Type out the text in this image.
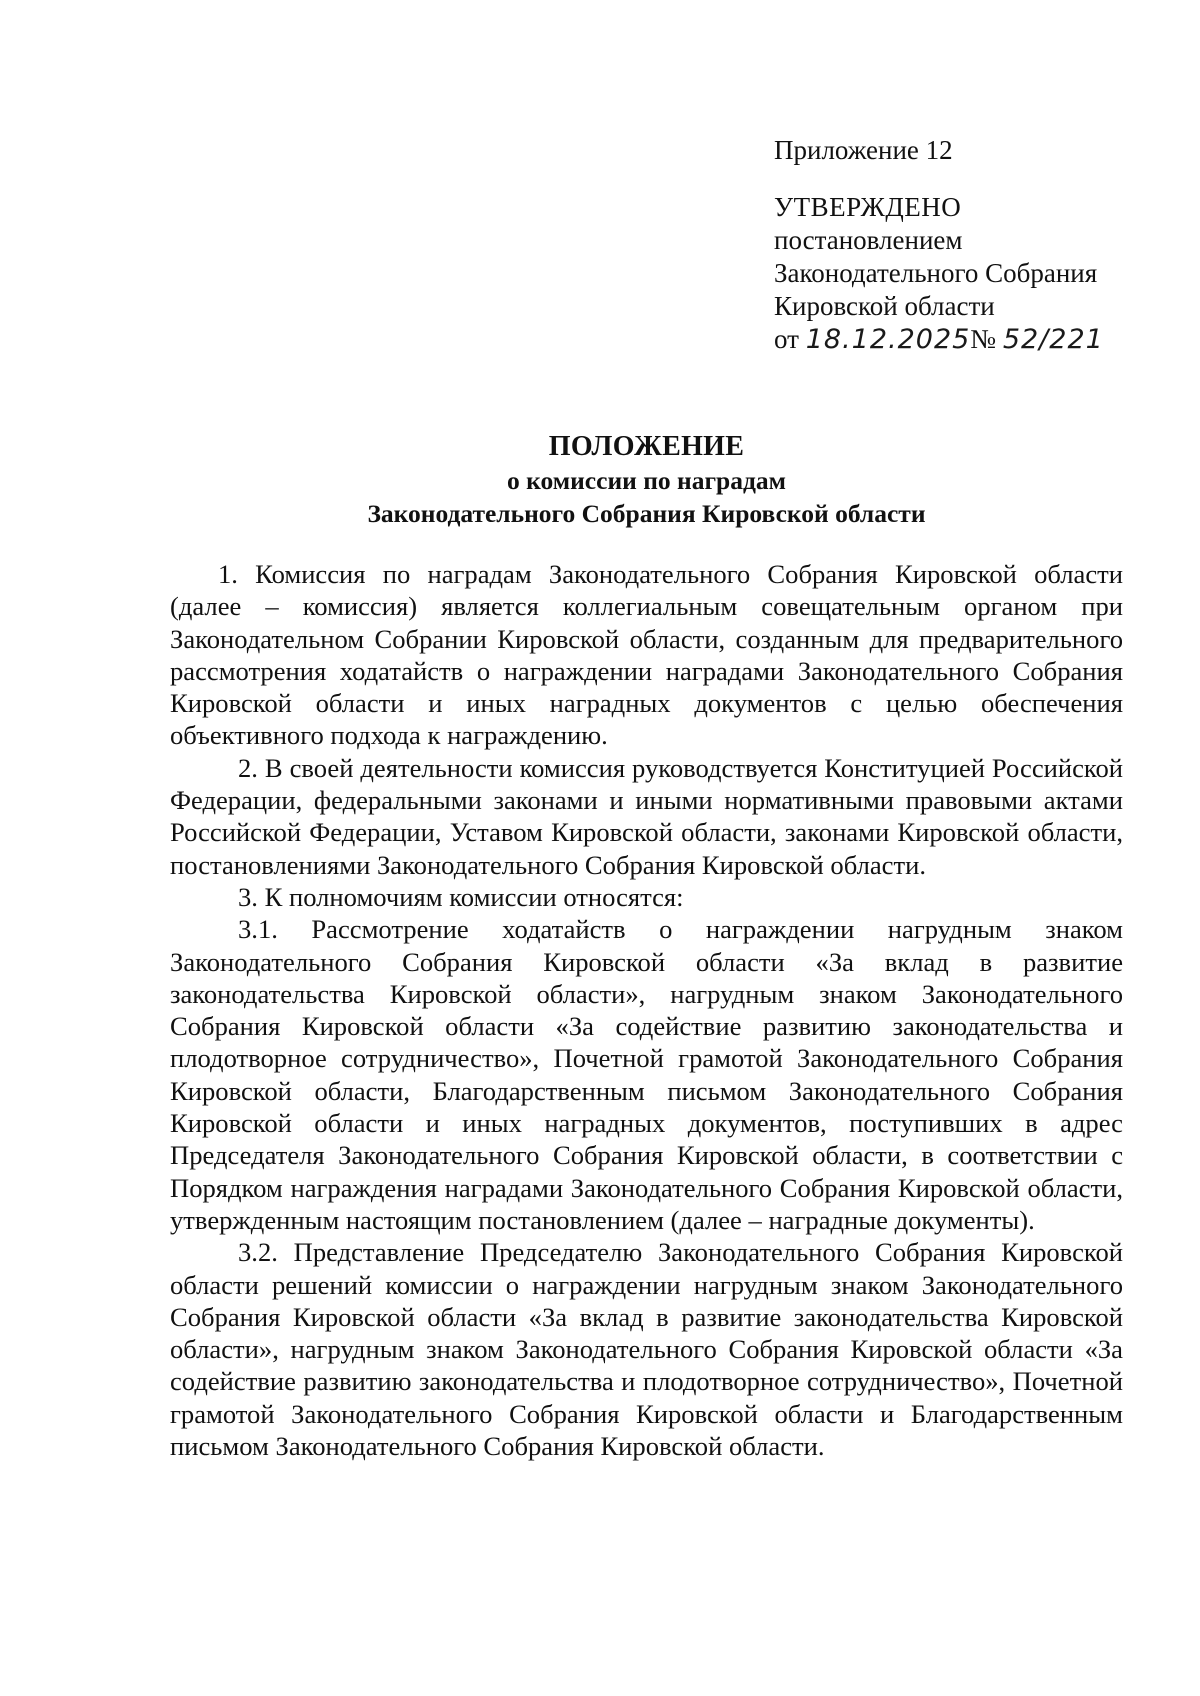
Приложение 12
УТВЕРЖДЕНО
постановлением
Законодательного Собрания
Кировской области
от 18.12.2025№ 52/221
ПОЛОЖЕНИЕ
о комиссии по наградам
Законодательного Собрания Кировской области

1. Комиссия по наградам Законодательного Собрания Кировской области (далее – комиссия) является коллегиальным совещательным органом при Законодательном Собрании Кировской области, созданным для предварительного рассмотрения ходатайств о награждении наградами Законодательного Собрания Кировской области и иных наградных документов с целью обеспечения объективного подхода к награждению.

2. В своей деятельности комиссия руководствуется Конституцией Российской Федерации, федеральными законами и иными нормативными правовыми актами Российской Федерации, Уставом Кировской области, законами Кировской области, постановлениями Законодательного Собрания Кировской области.

3. К полномочиям комиссии относятся:

3.1. Рассмотрение ходатайств о награждении нагрудным знаком Законодательного Собрания Кировской области «За вклад в развитие законодательства Кировской области», нагрудным знаком Законодательного Собрания Кировской области «За содействие развитию законодательства и плодотворное сотрудничество», Почетной грамотой Законодательного Собрания Кировской области, Благодарственным письмом Законодательного Собрания Кировской области и иных наградных документов, поступивших в адрес Председателя Законодательного Собрания Кировской области, в соответствии с Порядком награждения наградами Законодательного Собрания Кировской области, утвержденным настоящим постановлением (далее – наградные документы).

3.2. Представление Председателю Законодательного Собрания Кировской области решений комиссии о награждении нагрудным знаком Законодательного Собрания Кировской области «За вклад в развитие законодательства Кировской области», нагрудным знаком Законодательного Собрания Кировской области «За содействие развитию законодательства и плодотворное сотрудничество», Почетной грамотой Законодательного Собрания Кировской области и Благодарственным письмом Законодательного Собрания Кировской области.
